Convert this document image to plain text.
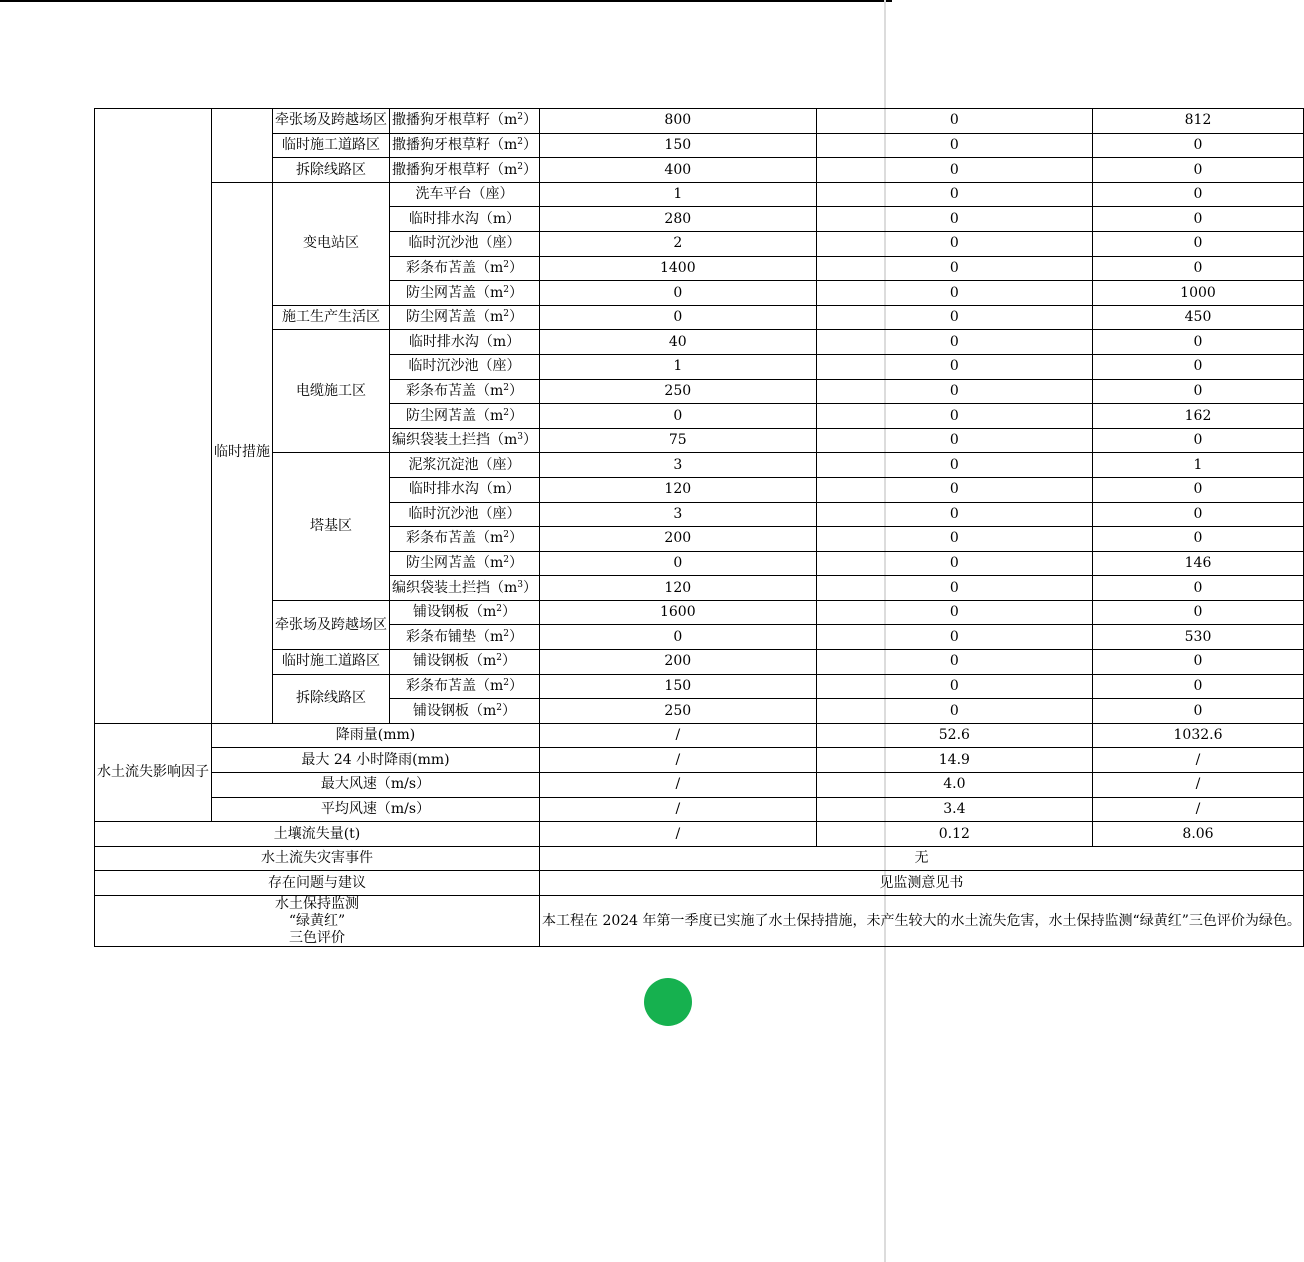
		牵张场及跨越场区	撒播狗牙根草籽$(m^2)$	800	0	812
		临时施工道路区	撒播狗牙根草籽$(m^2)$	150	0	0
		拆除线路区	撒播狗牙根草籽$(m^2)$	400	0	0
	临时措施	变电站区	洗车平台（座）	1	0	0
			临时排水沟（m）	280	0	0
			临时沉沙池（座）	2	0	0
			彩条布苫盖$(m^2)$	1400	0	0
			防尘网苫盖$(m^2)$	0	0	1000
		施工生产生活区	防尘网苫盖$(m^2)$	0	0	450
		电缆施工区	临时排水沟（m）	40	0	0
			临时沉沙池（座）	1	0	0
			彩条布苫盖$(m^2)$	250	0	0
			防尘网苫盖$(m^2)$	0	0	162
			编织袋装土拦挡$(m^3)$	75	0	0
		塔基区	泥浆沉淀池（座）	3	0	1
			临时排水沟（m）	120	0	0
			临时沉沙池（座）	3	0	0
			彩条布苫盖$(m^2)$	200	0	0
			防尘网苫盖$(m^2)$	0	0	146
			编织袋装土拦挡$(m^3)$	120	0	0
		牵张场及跨越场区	铺设钢板$(m^2)$	1600	0	0
			彩条布铺垫$(m^2)$	0	0	530
		临时施工道路区	铺设钢板$(m^2)$	200	0	0
		拆除线路区	彩条布苫盖$(m^2)$	150	0	0
			铺设钢板$(m^2)$	250	0	0
水土流失影响因子	降雨量(mm)			/	52.6	1032.6
	最大 24 小时降雨(mm)			/	14.9	/
	最大风速（m/s）			/	4.0	/
	平均风速（m/s）			/	3.4	/
土壤流失量(t)				/	0.12	8.06
水土流失灾害事件				无		
存在问题与建议				见监测意见书		

水土保持监测
“绿黄红”
三色评价				本工程在 2024 年第一季度已实施了水土保持措施，未产生较大的水土流失危害，水土保持监测“绿黄红”三色评价为绿色。		
